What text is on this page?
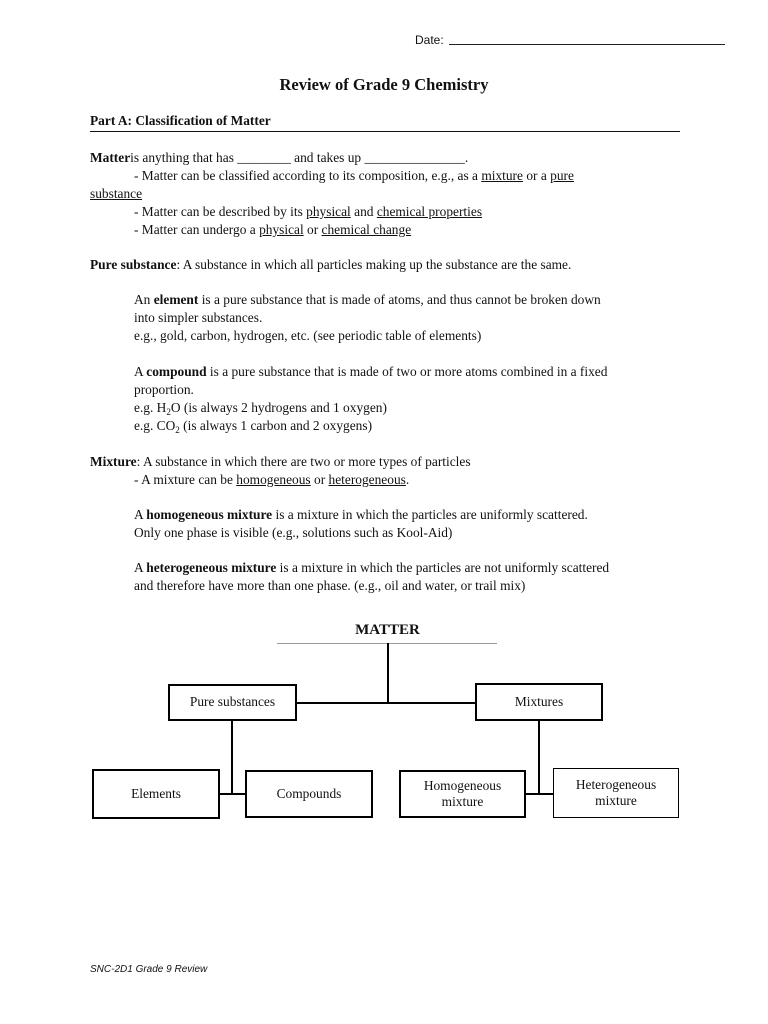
Date:
Review of Grade 9 Chemistry
Part A: Classification of Matter
Matteris anything that has ________ and takes up _______________.
- Matter can be classified according to its composition, e.g., as a mixture or a pure
substance
- Matter can be described by its physical and chemical properties
- Matter can undergo a physical or chemical change
Pure substance: A substance in which all particles making up the substance are the same.
An element is a pure substance that is made of atoms, and thus cannot be broken down
into simpler substances.
e.g., gold, carbon, hydrogen, etc. (see periodic table of elements)
A compound is a pure substance that is made of two or more atoms combined in a fixed
proportion.
e.g. $H_2O$ (is always 2 hydrogens and 1 oxygen)
e.g. $CO_2$ (is always 1 carbon and 2 oxygens)
Mixture: A substance in which there are two or more types of particles
- A mixture can be homogeneous or heterogeneous.
A homogeneous mixture is a mixture in which the particles are uniformly scattered.
Only one phase is visible (e.g., solutions such as Kool-Aid)
A heterogeneous mixture is a mixture in which the particles are not uniformly scattered
and therefore have more than one phase. (e.g., oil and water, or trail mix)
MATTER
Pure substances	Mixtures
Elements	Compounds
Homogeneous
mixture
Heterogeneous
mixture
SNC-2D1 Grade 9 Review
